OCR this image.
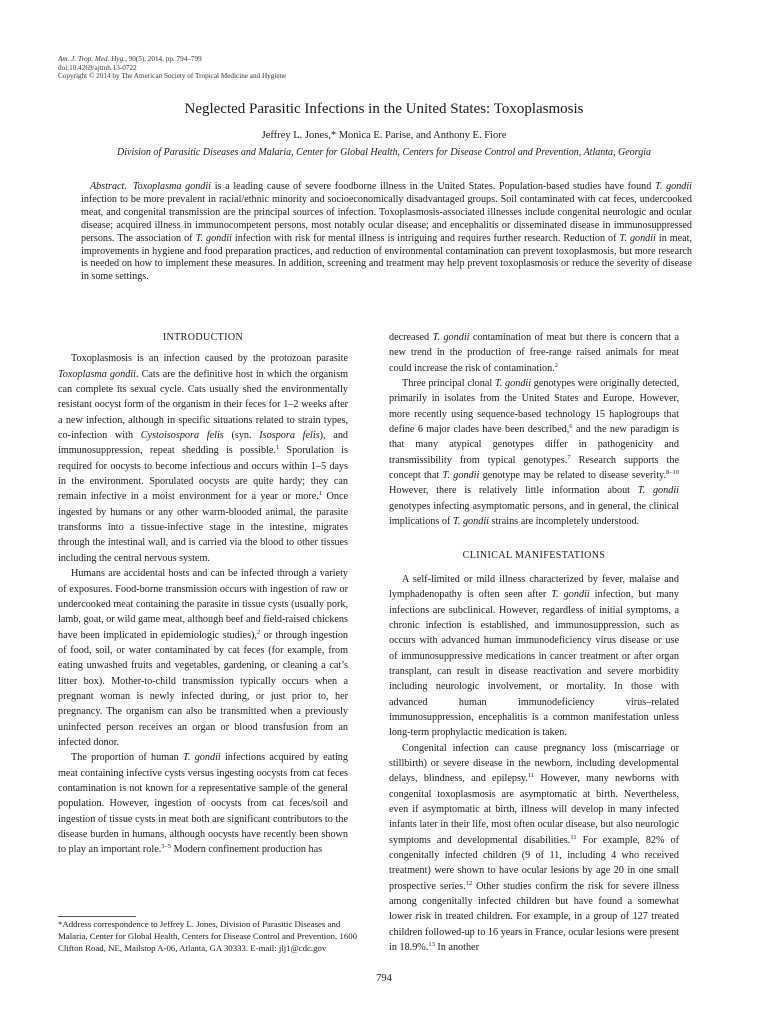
Am. J. Trop. Med. Hyg., 90(5), 2014, pp. 794–799
doi:10.4269/ajtmh.13-0722
Copyright © 2014 by The American Society of Tropical Medicine and Hygiene
Neglected Parasitic Infections in the United States: Toxoplasmosis
Jeffrey L. Jones,* Monica E. Parise, and Anthony E. Fiore
Division of Parasitic Diseases and Malaria, Center for Global Health, Centers for Disease Control and Prevention, Atlanta, Georgia
Abstract. Toxoplasma gondii is a leading cause of severe foodborne illness in the United States. Population-based studies have found T. gondii infection to be more prevalent in racial/ethnic minority and socioeconomically disadvantaged groups. Soil contaminated with cat feces, undercooked meat, and congenital transmission are the principal sources of infection. Toxoplasmosis-associated illnesses include congenital neurologic and ocular disease; acquired illness in immunocompetent persons, most notably ocular disease; and encephalitis or disseminated disease in immunosuppressed persons. The association of T. gondii infection with risk for mental illness is intriguing and requires further research. Reduction of T. gondii in meat, improvements in hygiene and food preparation practices, and reduction of environmental contamination can prevent toxoplasmosis, but more research is needed on how to implement these measures. In addition, screening and treatment may help prevent toxoplasmosis or reduce the severity of disease in some settings.
INTRODUCTION

Toxoplasmosis is an infection caused by the protozoan parasite Toxoplasma gondii. Cats are the definitive host in which the organism can complete its sexual cycle. Cats usually shed the environmentally resistant oocyst form of the organism in their feces for 1–2 weeks after a new infection, although in specific situations related to strain types, co-infection with Cystoisospora felis (syn. Isospora felis), and immunosuppression, repeat shedding is possible.$^1$ Sporulation is required for oocysts to become infectious and occurs within 1–5 days in the environment. Sporulated oocysts are quite hardy; they can remain infective in a moist environment for a year or more.$^1$ Once ingested by humans or any other warm-blooded animal, the parasite transforms into a tissue-infective stage in the intestine, migrates through the intestinal wall, and is carried via the blood to other tissues including the central nervous system.

Humans are accidental hosts and can be infected through a variety of exposures. Food-borne transmission occurs with ingestion of raw or undercooked meat containing the parasite in tissue cysts (usually pork, lamb, goat, or wild game meat, although beef and field-raised chickens have been implicated in epidemiologic studies),$^2$ or through ingestion of food, soil, or water contaminated by cat feces (for example, from eating unwashed fruits and vegetables, gardening, or cleaning a cat’s litter box). Mother-to-child transmission typically occurs when a pregnant woman is newly infected during, or just prior to, her pregnancy. The organism can also be transmitted when a previously uninfected person receives an organ or blood transfusion from an infected donor.

The proportion of human T. gondii infections acquired by eating meat containing infective cysts versus ingesting oocysts from cat feces contamination is not known for a representative sample of the general population. However, ingestion of oocysts from cat feces/soil and ingestion of tissue cysts in meat both are significant contributors to the disease burden in humans, although oocysts have recently been shown to play an important role.$^{3-5}$ Modern confinement production has

decreased T. gondii contamination of meat but there is concern that a new trend in the production of free-range raised animals for meat could increase the risk of contamination.$^2$

Three principal clonal T. gondii genotypes were originally detected, primarily in isolates from the United States and Europe. However, more recently using sequence-based technology 15 haplogroups that define 6 major clades have been described,$^6$ and the new paradigm is that many atypical genotypes differ in pathogenicity and transmissibility from typical genotypes.$^7$ Research supports the concept that T. gondii genotype may be related to disease severity.$^{8-10}$ However, there is relatively little information about T. gondii genotypes infecting asymptomatic persons, and in general, the clinical implications of T. gondii strains are incompletely understood.

CLINICAL MANIFESTATIONS

A self-limited or mild illness characterized by fever, malaise and lymphadenopathy is often seen after T. gondii infection, but many infections are subclinical. However, regardless of initial symptoms, a chronic infection is established, and immunosuppression, such as occurs with advanced human immunodeficiency virus disease or use of immunosuppressive medications in cancer treatment or after organ transplant, can result in disease reactivation and severe morbidity including neurologic involvement, or mortality. In those with advanced human immunodeficiency virus–related immunosuppression, encephalitis is a common manifestation unless long-term prophylactic medication is taken.

Congenital infection can cause pregnancy loss (miscarriage or stillbirth) or severe disease in the newborn, including developmental delays, blindness, and epilepsy.$^{11}$ However, many newborns with congenital toxoplasmosis are asymptomatic at birth. Nevertheless, even if asymptomatic at birth, illness will develop in many infected infants later in their life, most often ocular disease, but also neurologic symptoms and developmental disabilities.$^{11}$ For example, 82% of congenitally infected children (9 of 11, including 4 who received treatment) were shown to have ocular lesions by age 20 in one small prospective series.$^{12}$ Other studies confirm the risk for severe illness among congenitally infected children but have found a somewhat lower risk in treated children. For example, in a group of 127 treated children followed-up to 16 years in France, ocular lesions were present in 18.9%.$^{13}$ In another

*Address correspondence to Jeffrey L. Jones, Division of Parasitic Diseases and Malaria, Center for Global Health, Centers for Disease Control and Prevention, 1600 Clifton Road, NE, Mailstop A-06, Atlanta, GA 30333. E-mail: jlj1@cdc.gov
794
